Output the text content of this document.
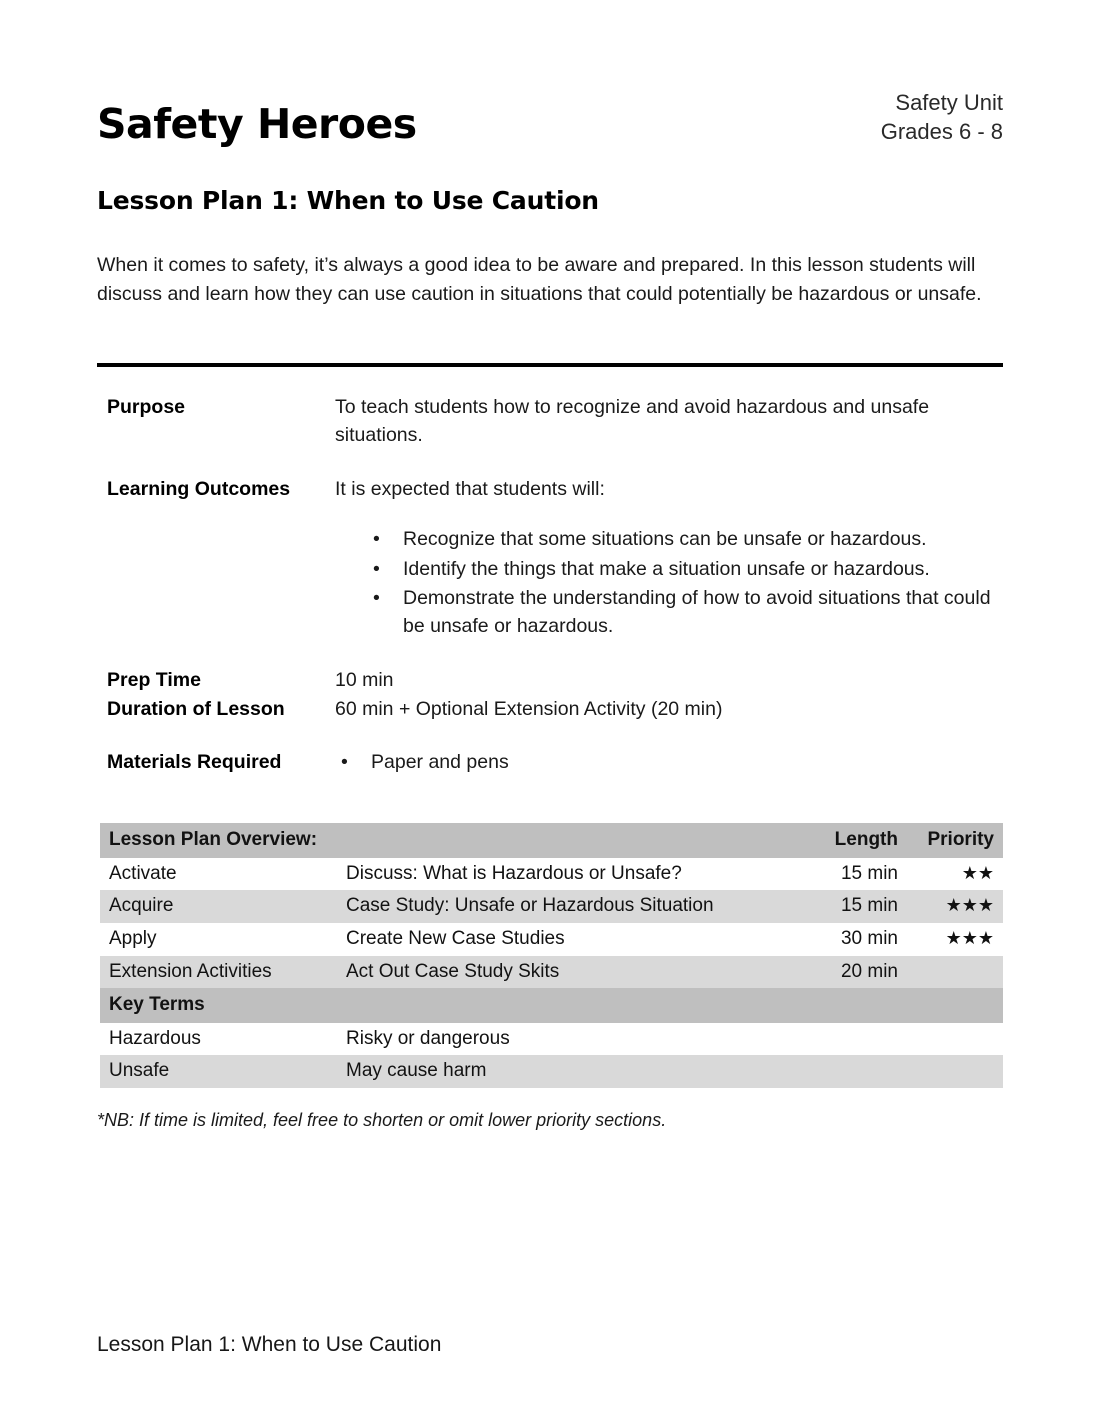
Safety Heroes	Safety Unit
Grades 6 - 8
Lesson Plan 1: When to Use Caution

When it comes to safety, it’s always a good idea to be aware and prepared. In this lesson students will discuss and learn how they can use caution in situations that could potentially be hazardous or unsafe.

Purpose	To teach students how to recognize and avoid hazardous and unsafe situations.
Learning Outcomes	It is expected that students will:

• Recognize that some situations can be unsafe or hazardous.
• Identify the things that make a situation unsafe or hazardous.
• Demonstrate the understanding of how to avoid situations that could be unsafe or hazardous.
Prep Time	10 min
Duration of Lesson	60 min + Optional Extension Activity (20 min)
Materials Required	• Paper and pens
Lesson Plan Overview:		Length	Priority
Activate	Discuss: What is Hazardous or Unsafe?	15 min	★★
Acquire	Case Study: Unsafe or Hazardous Situation	15 min	★★★
Apply	Create New Case Studies	30 min	★★★
Extension Activities	Act Out Case Study Skits	20 min	
Key Terms			
Hazardous	Risky or dangerous		
Unsafe	May cause harm		

*NB: If time is limited, feel free to shorten or omit lower priority sections.

Lesson Plan 1: When to Use Caution
